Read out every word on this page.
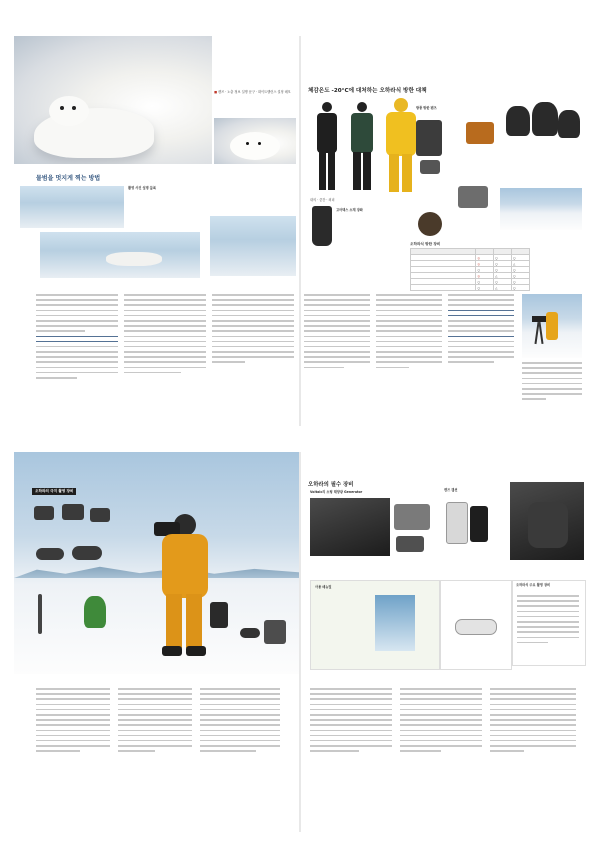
■ 렌즈 · 노출 정보 설명 문구 · 화이트밸런스 설정 메모
물범을 멋지게 찍는 방법
촬영 사진 설명 블록
체감온도 -20°C에 대처하는 오하라식 방한 대책
내의 · 중간 · 외피
고어텍스 소재 장화
방풍 방한 팬츠
오하라식 방한 장비

	◎	○	○
	◎	○	△
	○	○	○
	◎	△	○
	○	○	○
	○	△	○
오하라의 극지 촬영 장비
오하라의 필수 장비
Voltaic의 소형 태양광 Generator	렌즈 캡션
사용 매뉴얼	오하라식 주요 촬영 장비
